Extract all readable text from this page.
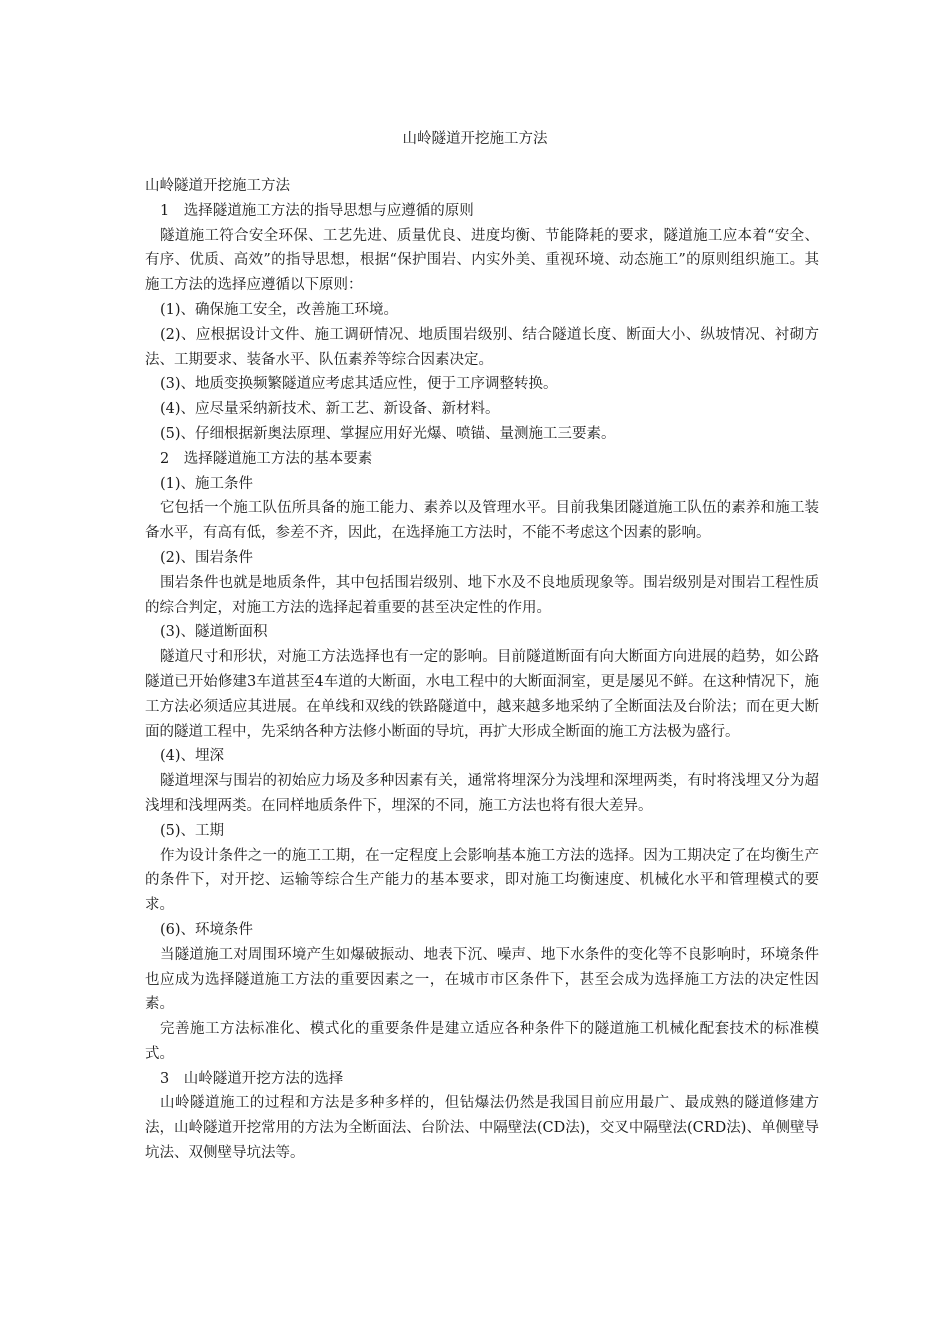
山岭隧道开挖施工方法

山岭隧道开挖施工方法

1　选择隧道施工方法的指导思想与应遵循的原则

隧道施工符合安全环保、工艺先进、质量优良、进度均衡、节能降耗的要求，隧道施工应本着“安全、有序、优质、高效”的指导思想，根据“保护围岩、内实外美、重视环境、动态施工”的原则组织施工。其施工方法的选择应遵循以下原则：

(1)、确保施工安全，改善施工环境。

(2)、应根据设计文件、施工调研情况、地质围岩级别、结合隧道长度、断面大小、纵坡情况、衬砌方法、工期要求、装备水平、队伍素养等综合因素决定。

(3)、地质变换频繁隧道应考虑其适应性，便于工序调整转换。

(4)、应尽量采纳新技术、新工艺、新设备、新材料。

(5)、仔细根据新奥法原理、掌握应用好光爆、喷锚、量测施工三要素。

2　选择隧道施工方法的基本要素

(1)、施工条件

它包括一个施工队伍所具备的施工能力、素养以及管理水平。目前我集团隧道施工队伍的素养和施工装备水平，有高有低，参差不齐，因此，在选择施工方法时，不能不考虑这个因素的影响。

(2)、围岩条件

围岩条件也就是地质条件，其中包括围岩级别、地下水及不良地质现象等。围岩级别是对围岩工程性质的综合判定，对施工方法的选择起着重要的甚至决定性的作用。

(3)、隧道断面积

隧道尺寸和形状，对施工方法选择也有一定的影响。目前隧道断面有向大断面方向进展的趋势，如公路隧道已开始修建3车道甚至4车道的大断面，水电工程中的大断面洞室，更是屡见不鲜。在这种情况下，施工方法必须适应其进展。在单线和双线的铁路隧道中，越来越多地采纳了全断面法及台阶法；而在更大断面的隧道工程中，先采纳各种方法修小断面的导坑，再扩大形成全断面的施工方法极为盛行。

(4)、埋深

隧道埋深与围岩的初始应力场及多种因素有关，通常将埋深分为浅埋和深埋两类，有时将浅埋又分为超浅埋和浅埋两类。在同样地质条件下，埋深的不同，施工方法也将有很大差异。

(5)、工期

作为设计条件之一的施工工期，在一定程度上会影响基本施工方法的选择。因为工期决定了在均衡生产的条件下，对开挖、运输等综合生产能力的基本要求，即对施工均衡速度、机械化水平和管理模式的要求。

(6)、环境条件

当隧道施工对周围环境产生如爆破振动、地表下沉、噪声、地下水条件的变化等不良影响时，环境条件也应成为选择隧道施工方法的重要因素之一，在城市市区条件下，甚至会成为选择施工方法的决定性因素。

完善施工方法标准化、模式化的重要条件是建立适应各种条件下的隧道施工机械化配套技术的标准模式。

3　山岭隧道开挖方法的选择

山岭隧道施工的过程和方法是多种多样的，但钻爆法仍然是我国目前应用最广、最成熟的隧道修建方法，山岭隧道开挖常用的方法为全断面法、台阶法、中隔壁法(CD法)，交叉中隔壁法(CRD法)、单侧壁导坑法、双侧壁导坑法等。
